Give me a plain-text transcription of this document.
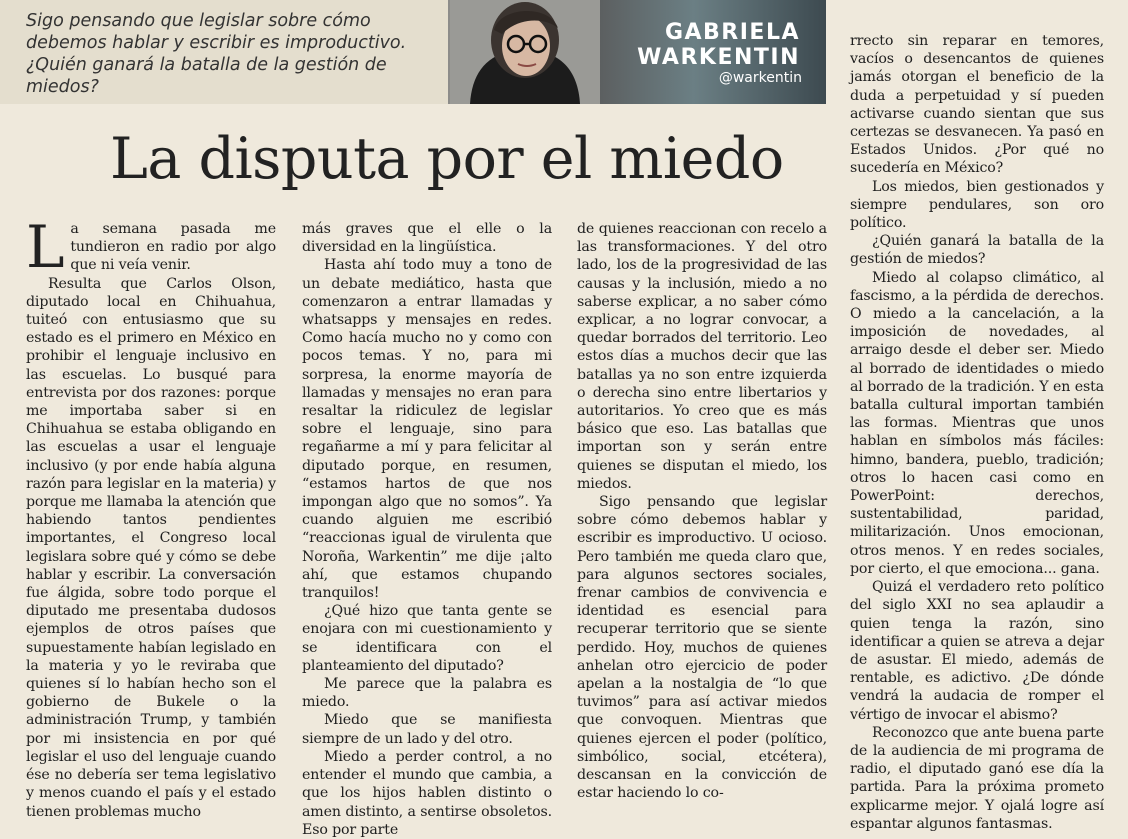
Sigo pensando que legislar sobre cómo debemos hablar y escribir es improductivo. ¿Quién ganará la batalla de la gestión de miedos?

GABRIELA
WARKENTIN
@warkentin
La disputa por el miedo

La semana pasada me tundieron en radio por algo que ni veía venir.

Resulta que Carlos Olson, diputado local en Chihuahua, tuiteó con entusiasmo que su estado es el primero en México en prohibir el lenguaje inclusivo en las escuelas. Lo busqué para entrevista por dos razones: porque me importaba saber si en Chihuahua se estaba obligando en las escuelas a usar el lenguaje inclusivo (y por ende había alguna razón para legislar en la materia) y porque me llamaba la atención que habiendo tantos pendientes importantes, el Congreso local legislara sobre qué y cómo se debe hablar y escribir. La conversación fue álgida, sobre todo porque el diputado me presentaba dudosos ejemplos de otros países que supuestamente habían legislado en la materia y yo le reviraba que quienes sí lo habían hecho son el gobierno de Bukele o la administración Trump, y también por mi insistencia en por qué legislar el uso del lenguaje cuando ése no debería ser tema legislativo y menos cuando el país y el estado tienen problemas mucho

más graves que el elle o la diversidad en la lingüística.

Hasta ahí todo muy a tono de un debate mediático, hasta que comenzaron a entrar llamadas y whatsapps y mensajes en redes. Como hacía mucho no y como con pocos temas. Y no, para mi sorpresa, la enorme mayoría de llamadas y mensajes no eran para resaltar la ridiculez de legislar sobre el lenguaje, sino para regañarme a mí y para felicitar al diputado porque, en resumen, “estamos hartos de que nos impongan algo que no somos”. Ya cuando alguien me escribió “reaccionas igual de virulenta que Noroña, Warkentin” me dije ¡alto ahí, que estamos chupando tranquilos!

¿Qué hizo que tanta gente se enojara con mi cuestionamiento y se identificara con el planteamiento del diputado?

Me parece que la palabra es miedo.

Miedo que se manifiesta siempre de un lado y del otro.

Miedo a perder control, a no entender el mundo que cambia, a que los hijos hablen distinto o amen distinto, a sentirse obsoletos. Eso por parte

de quienes reaccionan con recelo a las transformaciones. Y del otro lado, los de la progresividad de las causas y la inclusión, miedo a no saberse explicar, a no saber cómo explicar, a no lograr convocar, a quedar borrados del territorio. Leo estos días a muchos decir que las batallas ya no son entre izquierda o derecha sino entre libertarios y autoritarios. Yo creo que es más básico que eso. Las batallas que importan son y serán entre quienes se disputan el miedo, los miedos.

Sigo pensando que legislar sobre cómo debemos hablar y escribir es improductivo. U ocioso. Pero también me queda claro que, para algunos sectores sociales, frenar cambios de convivencia e identidad es esencial para recuperar territorio que se siente perdido. Hoy, muchos de quienes anhelan otro ejercicio de poder apelan a la nostalgia de “lo que tuvimos” para así activar miedos que convoquen. Mientras que quienes ejercen el poder (político, simbólico, social, etcétera), descansan en la convicción de estar haciendo lo co-

rrecto sin reparar en temores, vacíos o desencantos de quienes jamás otorgan el beneficio de la duda a perpetuidad y sí pueden activarse cuando sientan que sus certezas se desvanecen. Ya pasó en Estados Unidos. ¿Por qué no sucedería en México?

Los miedos, bien gestionados y siempre pendulares, son oro político.

¿Quién ganará la batalla de la gestión de miedos?

Miedo al colapso climático, al fascismo, a la pérdida de derechos. O miedo a la cancelación, a la imposición de novedades, al arraigo desde el deber ser. Miedo al borrado de identidades o miedo al borrado de la tradición. Y en esta batalla cultural importan también las formas. Mientras que unos hablan en símbolos más fáciles: himno, bandera, pueblo, tradición; otros lo hacen casi como en PowerPoint: derechos, sustentabilidad, paridad, militarización. Unos emocionan, otros menos. Y en redes sociales, por cierto, el que emociona... gana.

Quizá el verdadero reto político del siglo XXI no sea aplaudir a quien tenga la razón, sino identificar a quien se atreva a dejar de asustar. El miedo, además de rentable, es adictivo. ¿De dónde vendrá la audacia de romper el vértigo de invocar el abismo?

Reconozco que ante buena parte de la audiencia de mi programa de radio, el diputado ganó ese día la partida. Para la próxima prometo explicarme mejor. Y ojalá logre así espantar algunos fantasmas.
